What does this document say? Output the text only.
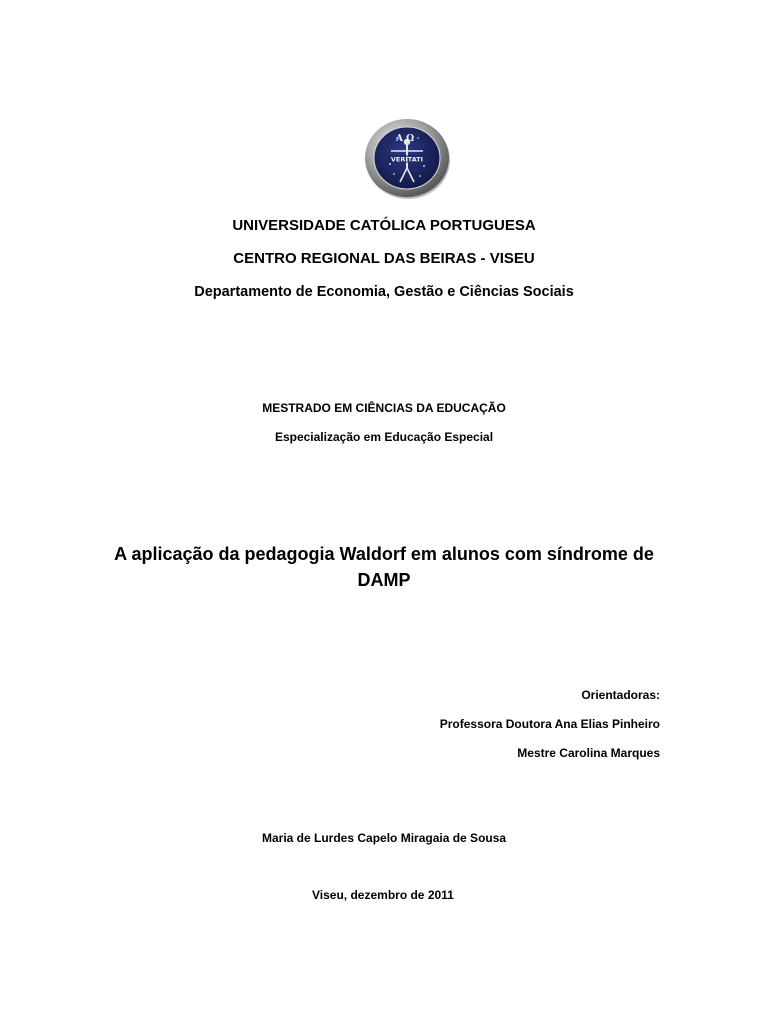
A Ω
VERITATI
UNIVERSIDADE CATÓLICA PORTUGUESA
CENTRO REGIONAL DAS BEIRAS - VISEU
Departamento de Economia, Gestão e Ciências Sociais
MESTRADO EM CIÊNCIAS DA EDUCAÇÃO
Especialização em Educação Especial
A aplicação da pedagogia Waldorf em alunos com síndrome de
DAMP
Orientadoras:
Professora Doutora Ana Elias Pinheiro
Mestre Carolina Marques
Maria de Lurdes Capelo Miragaia de Sousa
Viseu, dezembro de 2011
